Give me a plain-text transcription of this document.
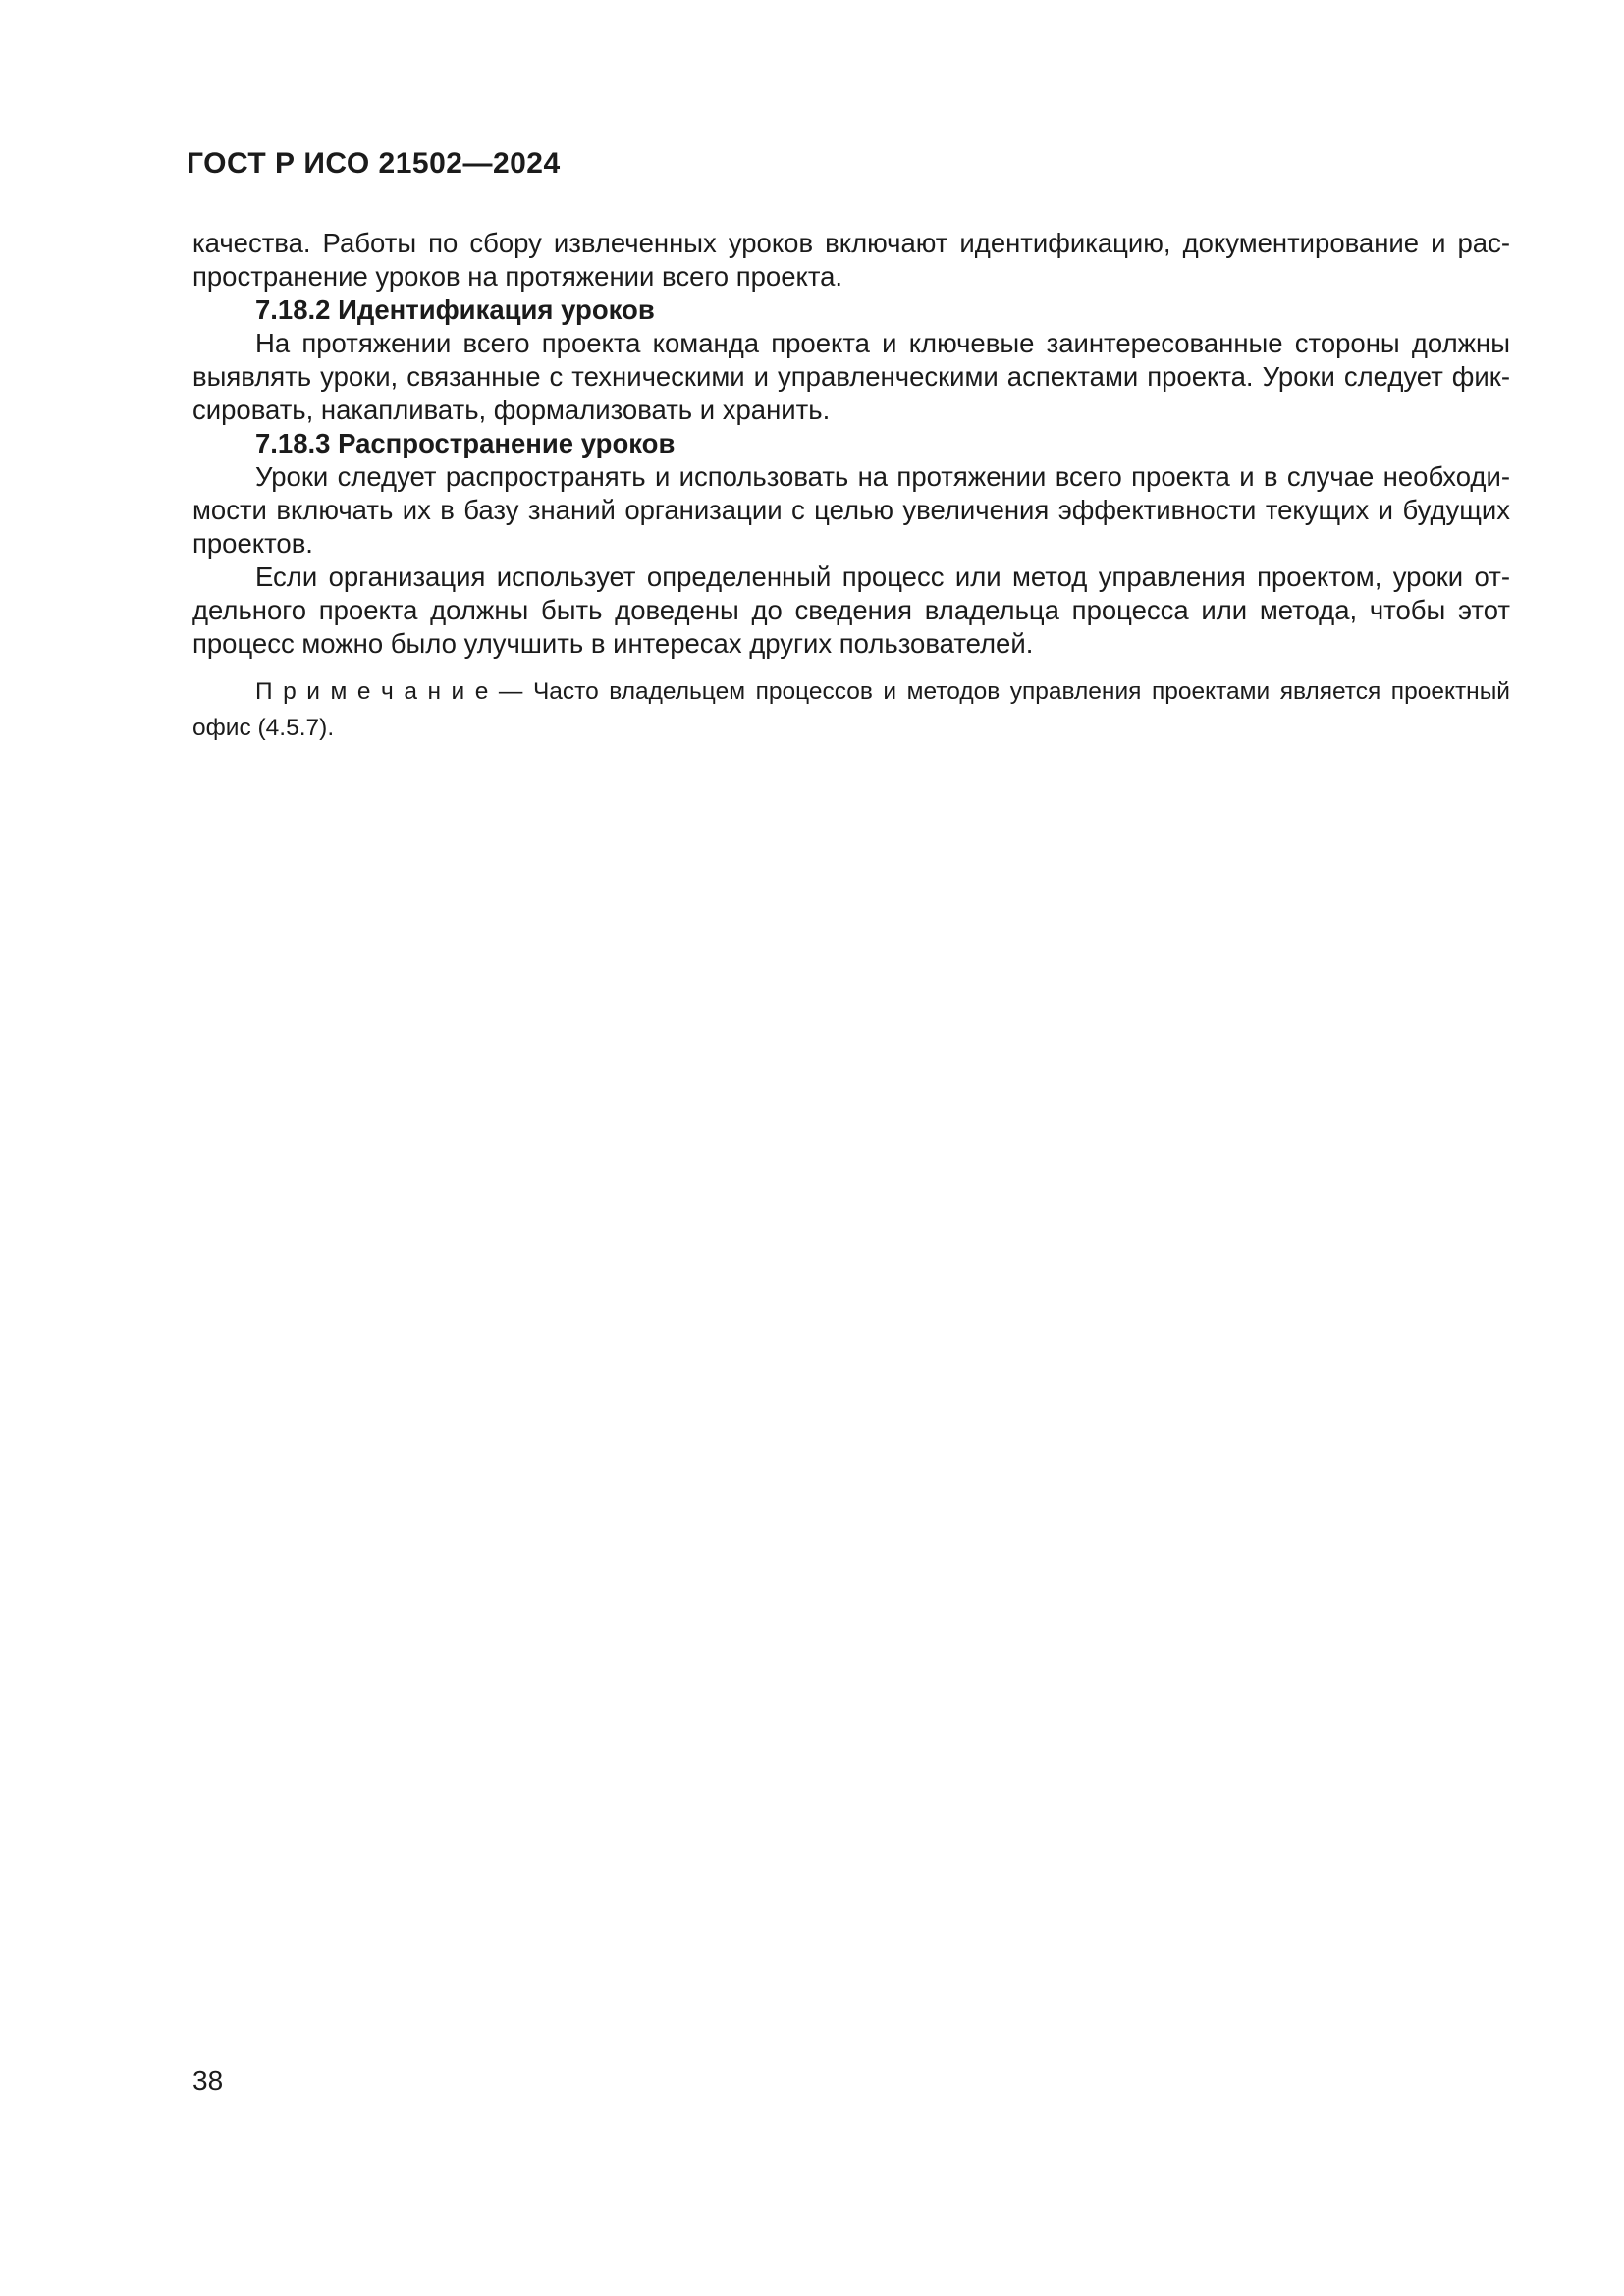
ГОСТ Р ИСО 21502—2024
качества. Работы по сбору извлеченных уроков включают идентификацию, документирование и рас-
пространение уроков на протяжении всего проекта.
7.18.2 Идентификация уроков
На протяжении всего проекта команда проекта и ключевые заинтересованные стороны должны
выявлять уроки, связанные с техническими и управленческими аспектами проекта. Уроки следует фик-
сировать, накапливать, формализовать и хранить.
7.18.3 Распространение уроков
Уроки следует распространять и использовать на протяжении всего проекта и в случае необходи-
мости включать их в базу знаний организации с целью увеличения эффективности текущих и будущих
проектов.
Если организация использует определенный процесс или метод управления проектом, уроки от-
дельного проекта должны быть доведены до сведения владельца процесса или метода, чтобы этот
процесс можно было улучшить в интересах других пользователей.
П р и м е ч а н и е — Часто владельцем процессов и методов управления проектами является проектный
офис (4.5.7).
38
